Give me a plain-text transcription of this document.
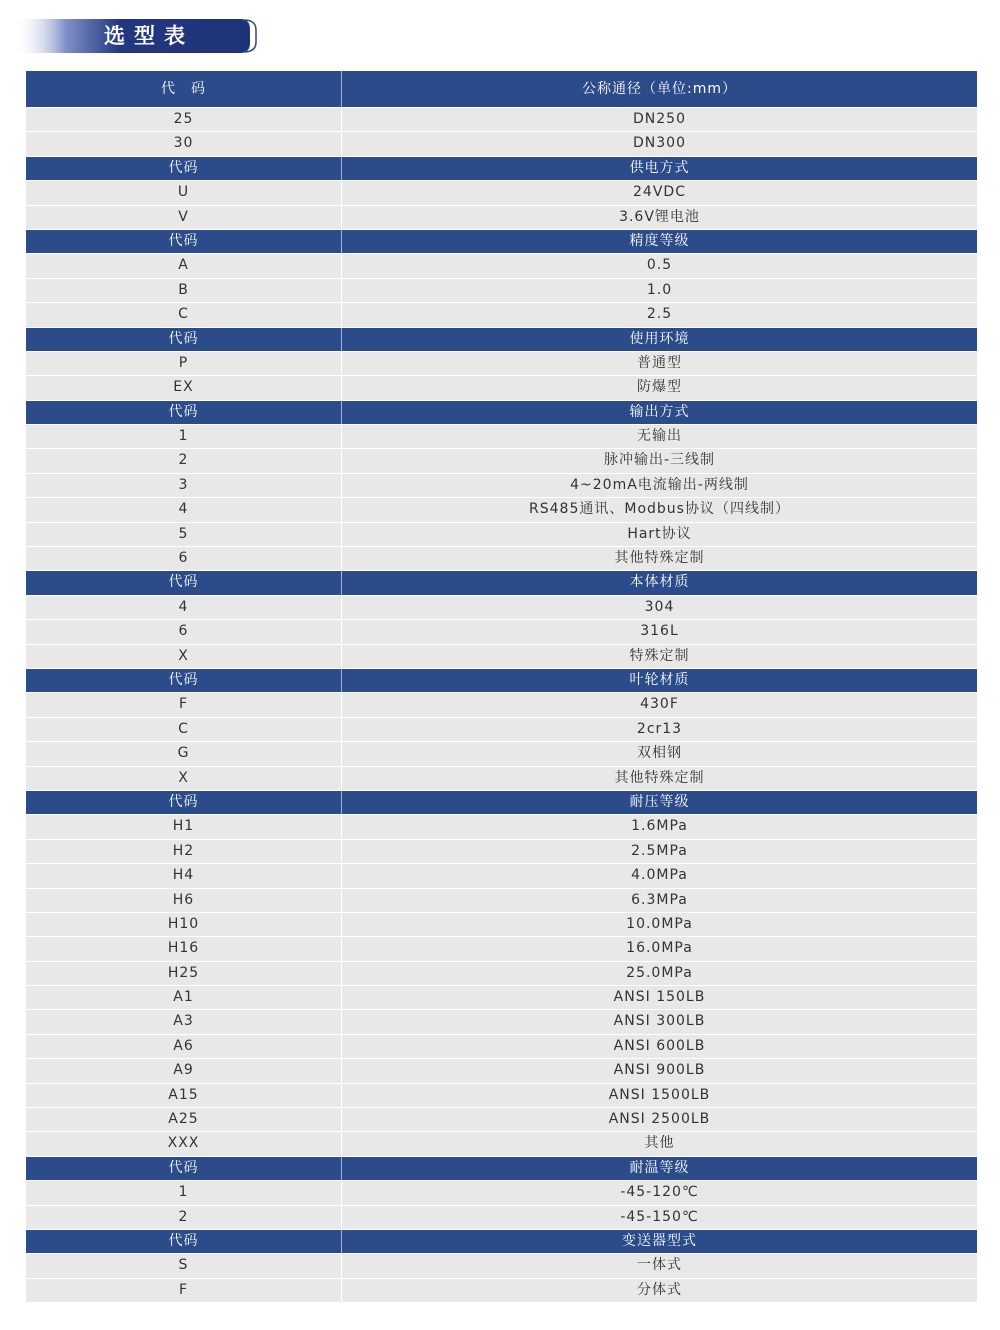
选型表
代　码	公称通径（单位:mm）
25	DN250
30	DN300
代码	供电方式
U	24VDC
V	3.6V锂电池
代码	精度等级
A	0.5
B	1.0
C	2.5
代码	使用环境
P	普通型
EX	防爆型
代码	输出方式
1	无输出
2	脉冲输出-三线制
3	4~20mA电流输出-两线制
4	RS485通讯、Modbus协议（四线制）
5	Hart协议
6	其他特殊定制
代码	本体材质
4	304
6	316L
X	特殊定制
代码	叶轮材质
F	430F
C	2cr13
G	双相钢
X	其他特殊定制
代码	耐压等级
H1	1.6MPa
H2	2.5MPa
H4	4.0MPa
H6	6.3MPa
H10	10.0MPa
H16	16.0MPa
H25	25.0MPa
A1	ANSI 150LB
A3	ANSI 300LB
A6	ANSI 600LB
A9	ANSI 900LB
A15	ANSI 1500LB
A25	ANSI 2500LB
XXX	其他
代码	耐温等级
1	-45-120℃
2	-45-150℃
代码	变送器型式
S	一体式
F	分体式
